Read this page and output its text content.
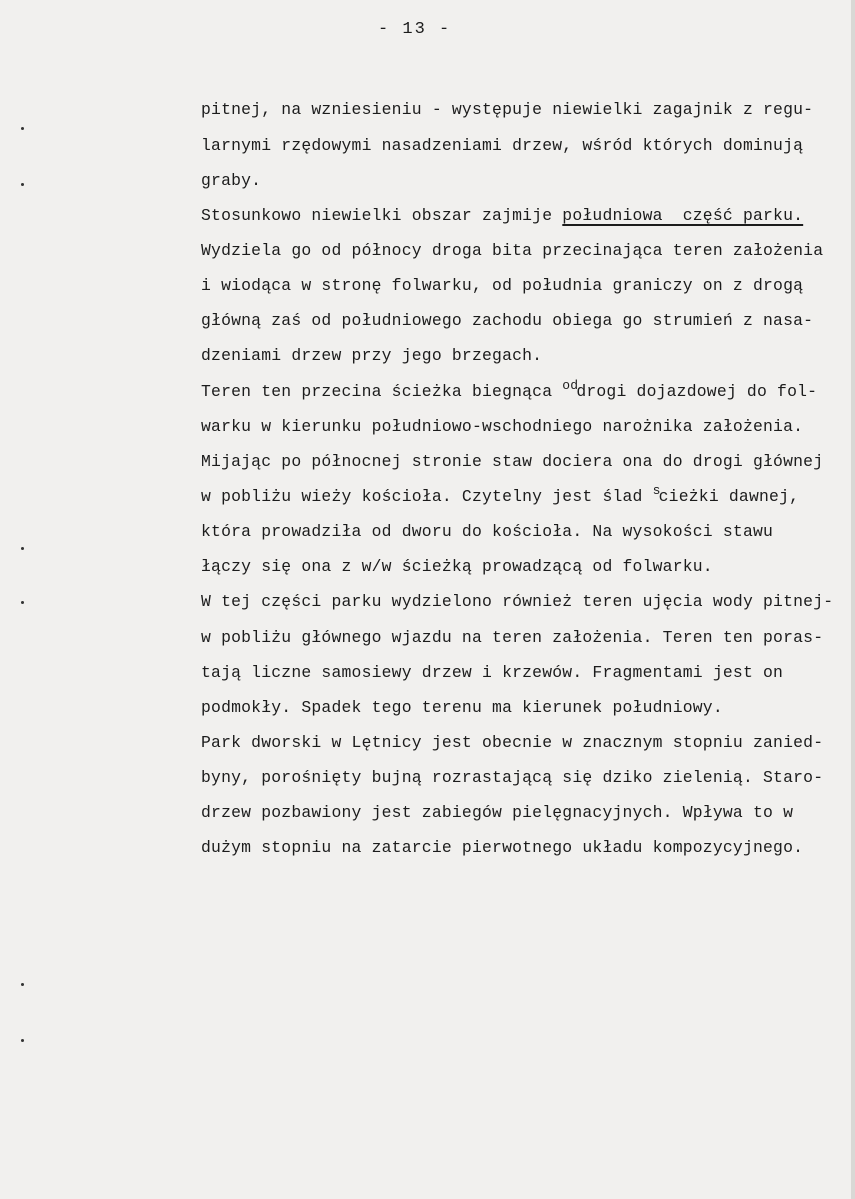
- 13 -
pitnej, na wzniesieniu - występuje niewielki zagajnik z regu-
larnymi rzędowymi nasadzeniami drzew, wśród których dominują
graby.
Stosunkowo niewielki obszar zajmije południowa  część parku.
Wydziela go od północy droga bita przecinająca teren założenia
i wiodąca w stronę folwarku, od południa graniczy on z drogą
główną zaś od południowego zachodu obiega go strumień z nasa-
dzeniami drzew przy jego brzegach.
Teren ten przecina ścieżka biegnąca $^{od}$drogi dojazdowej do fol-
warku w kierunku południowo-wschodniego narożnika założenia.
Mijając po północnej stronie staw dociera ona do drogi głównej
w pobliżu wieży kościoła. Czytelny jest ślad $^s$cieżki dawnej,
która prowadziła od dworu do kościoła. Na wysokości stawu
łączy się ona z w/w ścieżką prowadzącą od folwarku.
W tej części parku wydzielono również teren ujęcia wody pitnej-
w pobliżu głównego wjazdu na teren założenia. Teren ten poras-
tają liczne samosiewy drzew i krzewów. Fragmentami jest on
podmokły. Spadek tego terenu ma kierunek południowy.
Park dworski w Lętnicy jest obecnie w znacznym stopniu zanied-
byny, porośnięty bujną rozrastającą się dziko zielenią. Staro-
drzew pozbawiony jest zabiegów pielęgnacyjnych. Wpływa to w
dużym stopniu na zatarcie pierwotnego układu kompozycyjnego.
